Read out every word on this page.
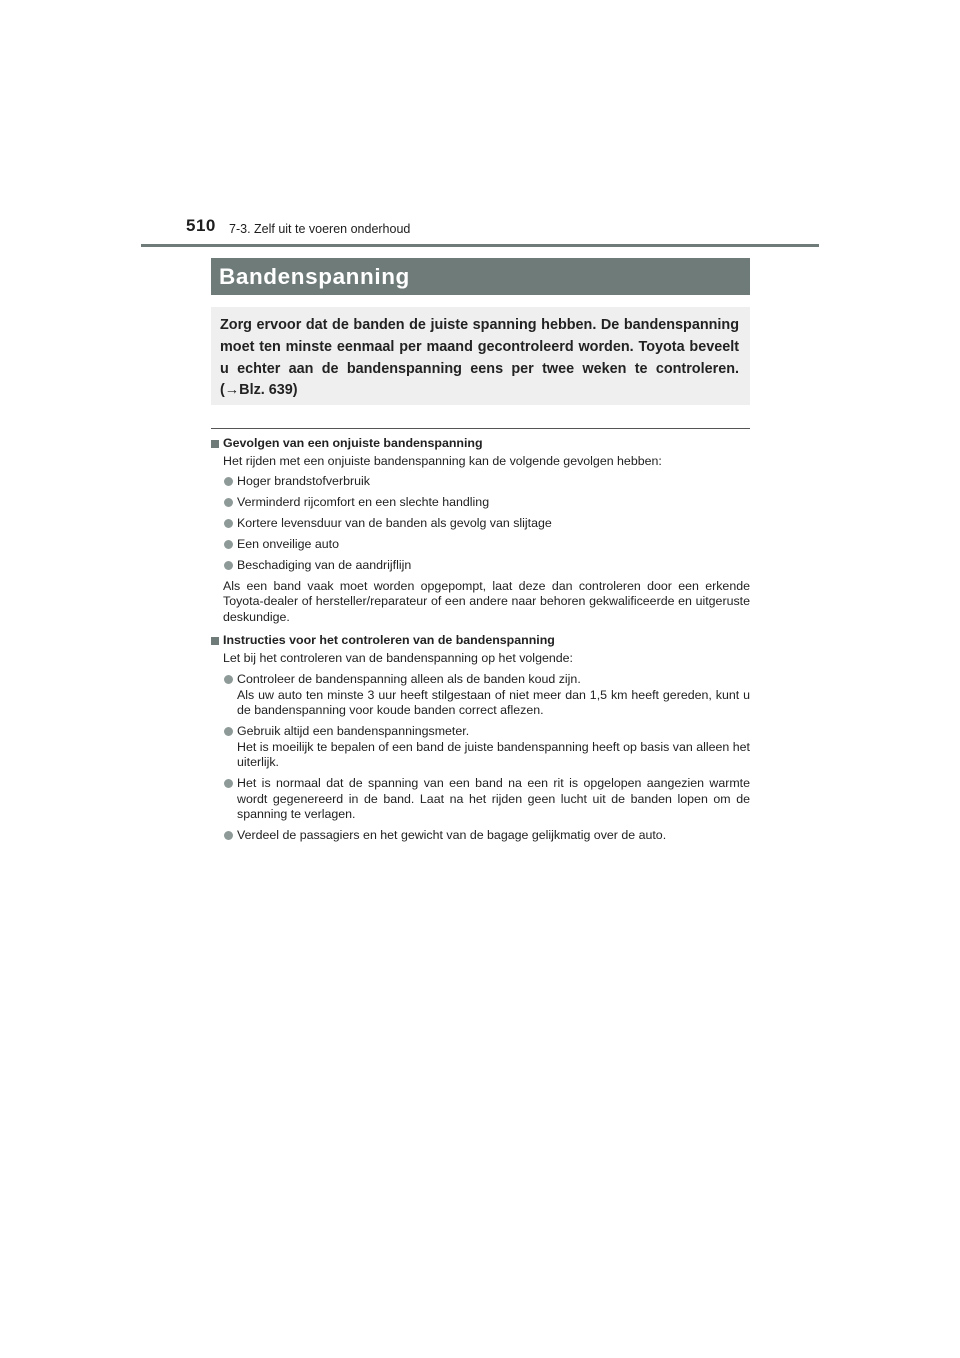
510 7-3. Zelf uit te voeren onderhoud
Bandenspanning

Zorg ervoor dat de banden de juiste spanning hebben. De bandenspanning moet ten minste eenmaal per maand gecontroleerd worden. Toyota beveelt u echter aan de bandenspanning eens per twee weken te controleren. (→Blz. 639)

Gevolgen van een onjuiste bandenspanning
Het rijden met een onjuiste bandenspanning kan de volgende gevolgen hebben:
Hoger brandstofverbruik
Verminderd rijcomfort en een slechte handling
Kortere levensduur van de banden als gevolg van slijtage
Een onveilige auto
Beschadiging van de aandrijflijn
Als een band vaak moet worden opgepompt, laat deze dan controleren door een erkende Toyota-dealer of hersteller/reparateur of een andere naar behoren gekwalificeerde en uitgeruste deskundige.
Instructies voor het controleren van de bandenspanning
Let bij het controleren van de bandenspanning op het volgende:
Controleer de bandenspanning alleen als de banden koud zijn.
Als uw auto ten minste 3 uur heeft stilgestaan of niet meer dan 1,5 km heeft gereden, kunt u de bandenspanning voor koude banden correct aflezen.
Gebruik altijd een bandenspanningsmeter.
Het is moeilijk te bepalen of een band de juiste bandenspanning heeft op basis van alleen het uiterlijk.
Het is normaal dat de spanning van een band na een rit is opgelopen aangezien warmte wordt gegenereerd in de band. Laat na het rijden geen lucht uit de banden lopen om de spanning te verlagen.
Verdeel de passagiers en het gewicht van de bagage gelijkmatig over de auto.
